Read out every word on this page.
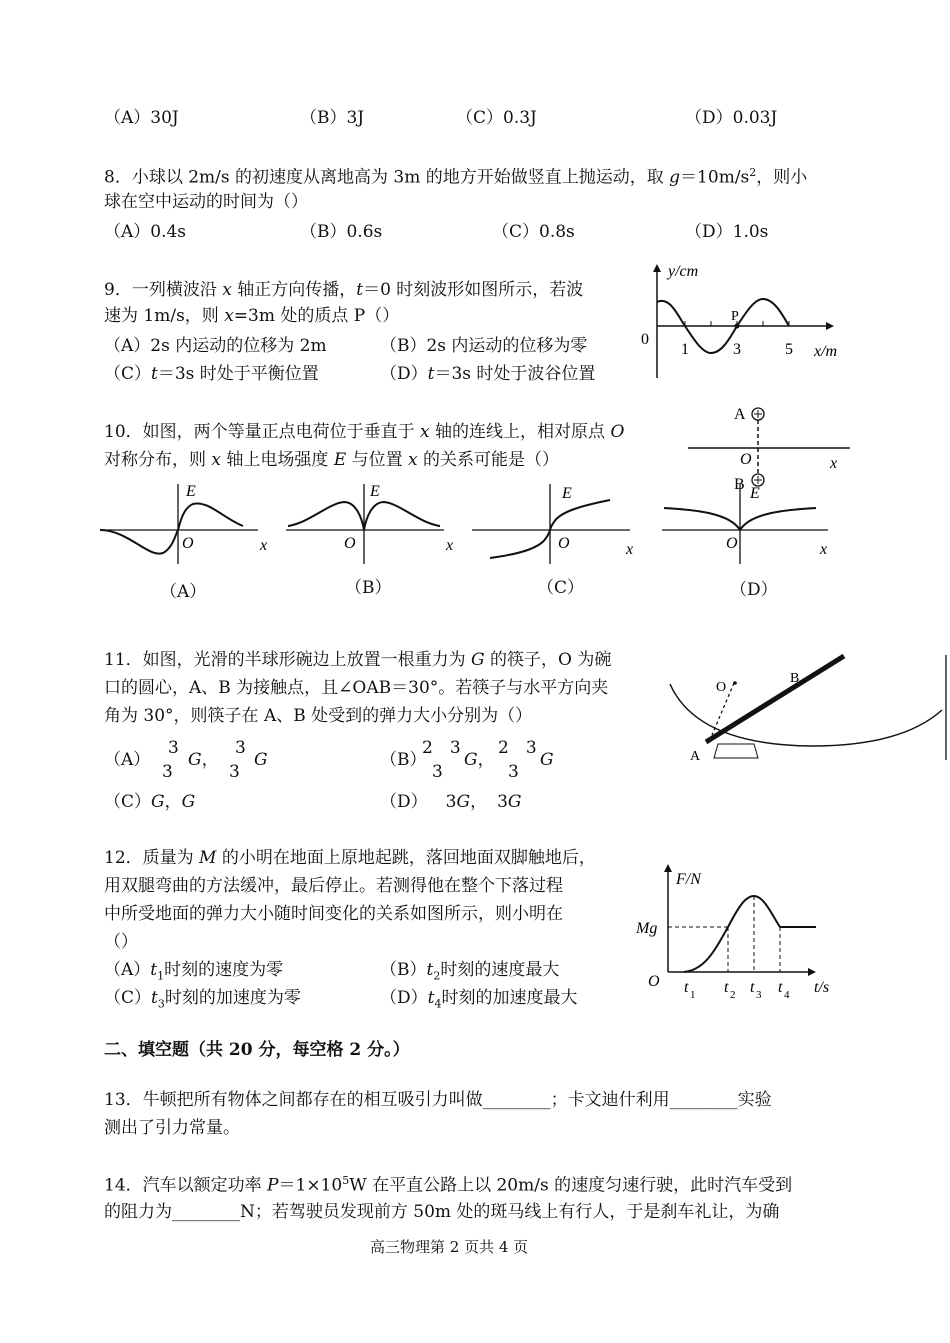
（A）30J	（B）3J	（C）0.3J	（D）0.03J
8．小球以 2m/s 的初速度从离地高为 3m 的地方开始做竖直上抛运动，取 $g=10m/s^2$，则小
球在空中运动的时间为（）
（A）0.4s	（B）0.6s	（C）0.8s	（D）1.0s
9．一列横波沿 x 轴正方向传播，t＝0 时刻波形如图所示，若波
速为 1m/s，则 x=3m 处的质点 P（）
（A）2s 内运动的位移为 2m	（B）2s 内运动的位移为零
（C）t＝3s 时处于平衡位置	（D）t＝3s 时处于波谷位置
y/cm
0
1	3	5
P
x/m
10．如图，两个等量正点电荷位于垂直于 x 轴的连线上，相对原点 O
对称分布，则 x 轴上电场强度 E 与位置 x 的关系可能是（）
A
B
O	x
E
O	x
（A）
E
O	x
（B）
E
O	x
（C）
E
O	x
（D）
11．如图，光滑的半球形碗边上放置一根重力为 G 的筷子，O 为碗
口的圆心，A、B 为接触点，且∠OAB＝30°。若筷子与水平方向夹
角为 30°，则筷子在 A、B 处受到的弹力大小分别为（）
（A）
3
3
G，
3
3
G	（B）
2　3
3
G，
2　3
3
G
（C）G，G	（D） 3G， 3G
O
A
B
12．质量为 M 的小明在地面上原地起跳，落回地面双脚触地后，
用双腿弯曲的方法缓冲，最后停止。若测得他在整个下落过程
中所受地面的弹力大小随时间变化的关系如图所示，则小明在
（）
$(A)t_1$时刻的速度为零	$(B)t_2$时刻的速度最大
$(C)t_3$时刻的加速度为零	$(D)t_4$时刻的加速度最大
F/N
Mg
O t 1 t 2 t 3 t 4 t/s
二、填空题（共 20 分，每空格 2 分。）
13．牛顿把所有物体之间都存在的相互吸引力叫做________；卡文迪什利用________实验
测出了引力常量。
14．汽车以额定功率 $P=1\times 10^5W$ 在平直公路上以 20m/s 的速度匀速行驶，此时汽车受到
的阻力为________N；若驾驶员发现前方 50m 处的斑马线上有行人，于是刹车礼让，为确
高三物理第 2 页共 4 页
